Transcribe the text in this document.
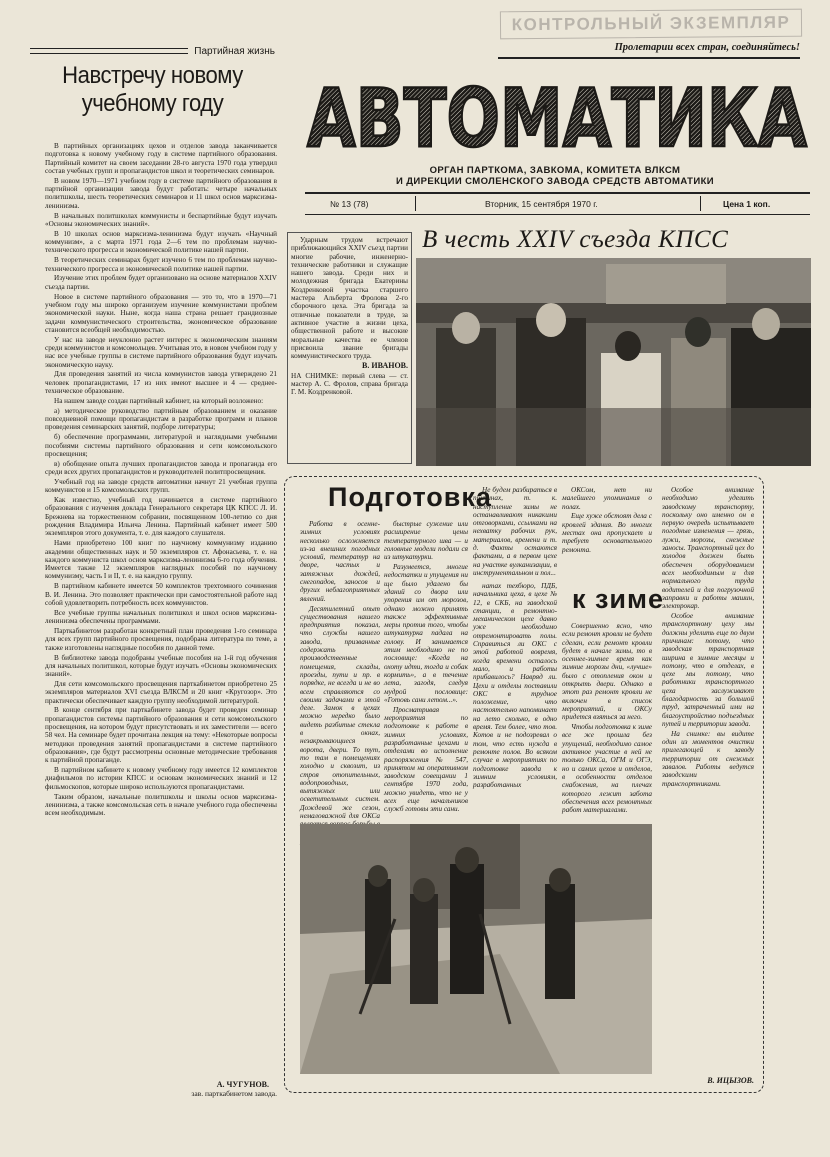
КОНТРОЛЬНЫЙ ЭКЗЕМПЛЯР
Партийная жизнь
Навстречу новому
учебному году

В партийных организациях цехов и отделов завода заканчивается подготовка к новому учебному году в системе партийного образования. Партийный комитет на своем заседании 28-го августа 1970 года утвердил состав учебных групп и пропагандистов школ и теоретических семинаров.

В новом 1970—1971 учебном году в системе партийного образования в партийной организации завода будут работать: четыре начальных политшколы, шесть теоретических семинаров и 11 школ основ марксизма-ленинизма.

В начальных политшколах коммунисты и беспартийные будут изучать «Основы экономических знаний».

В 10 школах основ марксизма-ленинизма будут изучать «Научный коммунизм», а с марта 1971 года 2—6 тем по проблемам научно-технического прогресса и экономической политике нашей партии.

В теоретических семинарах будет изучено 6 тем по проблемам научно-технического прогресса и экономической политике нашей партии.

Изучение этих проблем будет организовано на основе материалов XXIV съезда партии.

Новое в системе партийного образования — это то, что в 1970—71 учебном году мы широко организуем изучение коммунистами проблем экономической науки. Ныне, когда наша страна решает грандиозные задачи коммунистического строительства, экономическое образование становится всеобщей необходимостью.

У нас на заводе неуклонно растет интерес к экономическим знаниям среди коммунистов и комсомольцев. Учитывая это, в новом учебном году у нас все учебные группы в системе партийного образования будут изучать экономическую науку.

Для проведения занятий из числа коммунистов завода утверждено 21 человек пропагандистами, 17 из них имеют высшее и 4 — среднее-техническое образование.

На нашем заводе создан партийный кабинет, на который возложено:

а) методическое руководство партийным образованием и оказание повседневной помощи пропагандистам в разработке программ и планов проведения семинарских занятий, подборе литературы;

б) обеспечение программами, литературой и наглядными учебными пособиями системы партийного образования и сети комсомольского просвещения;

в) обобщение опыта лучших пропагандистов завода и пропаганда его среди всех других пропагандистов и руководителей политпросвещения.

Учебный год на заводе средств автоматики начнут 21 учебная группа коммунистов и 15 комсомольских групп.

Как известно, учебный год начинается в системе партийного образования с изучения доклада Генерального секретаря ЦК КПСС Л. И. Брежнева на торжественном собрании, посвященном 100-летию со дня рождения Владимира Ильича Ленина. Партийный кабинет имеет 500 экземпляров этого документа, т. е. для каждого слушателя.

Нами приобретено 100 книг по научному коммунизму изданию академии общественных наук и 50 экземпляров ст. Афонасьева, т. е. на каждого коммуниста школ основ марксизма-ленинизма 6-го года обучения. Имеется также 12 экземпляров наглядных пособий по научному коммунизму, часть I и II, т. е. на каждую группу.

В партийном кабинете имеется 50 комплектов трехтомного сочинения В. И. Ленина. Это позволяет практически при самостоятельной работе над собой удовлетворить потребность всех коммунистов.

Все учебные группы начальных политшкол и школ основ марксизма-ленинизма обеспечены программами.

Парткабинетом разработан конкретный план проведения 1-го семинара для всех групп партийного просвещения, подобрана литература по теме, а также изготовлены наглядные пособия по данной теме.

В библиотеке завода подобраны учебные пособия на 1-й год обучения для начальных политшкол, которые будут изучать «Основы экономических знаний».

Для сети комсомольского просвещения парткабинетом приобретено 25 экземпляров материалов XVI съезда ВЛКСМ и 20 книг «Кругозор». Это практически обеспечивает каждую группу необходимой литературой.

В конце сентября при парткабинете завода будет проведен семинар пропагандистов системы партийного образования и сети комсомольского просвещения, на котором будут присутствовать и их заместители — всего 58 чел. На семинаре будет прочитана лекция на тему: «Некоторые вопросы методики проведения занятий пропагандистами в системе партийного образования», где будут рассмотрены основные методические требования к партийной пропаганде.

В партийном кабинете к новому учебному году имеется 12 комплектов диафильмов по истории КПСС и основам экономических знаний и 12 фильмоскопов, которые широко используются пропагандистами.

Таким образом, начальные политшколы и школы основ марксизма-ленинизма, а также комсомольская сеть в начале учебного года обеспечены всем необходимым.

А. ЧУГУНОВ.
зав. парткабинетом завода.
Пролетарии всех стран, соединяйтесь!
АВТОМАТИКА
ОРГАН ПАРТКОМА, ЗАВКОМА, КОМИТЕТА ВЛКСМ
И ДИРЕКЦИИ СМОЛЕНСКОГО ЗАВОДА СРЕДСТВ АВТОМАТИКИ
№ 13 (78)	Вторник, 15 сентября 1970 г.	Цена 1 коп.

Ударным трудом встречают приближающийся XXIV съезд партии многие рабочие, инженерно-технические работники и служащие нашего завода. Среди них и молодежная бригада Екатерины Коздренковой участка старшего мастера Альберта Фролова 2-го сборочного цеха. Эта бригада за отличные показатели в труде, за активное участие в жизни цеха, общественной работе и высокие моральные качества ее членов присвоила звание бригады коммунистического труда.

В. ИВАНОВ.

НА СНИМКЕ: первый слева — ст. мастер А. С. Фролов, справа бригада Г. М. Коздренковой.

В честь XXIV съезда КПСС
Подготовка
к зиме

Работа в осенне-зимних условиях несколько осложняется из-за внешних погодных условий, температур на дворе, частых и затяжных дождей, снегопадов, заносов и других неблагоприятных явлений.

Десятилетний опыт существования нашего предприятия показал, что службы нашего завода, призванные содержать производственные помещения, склады, проезды, пути и пр. в порядке, не всегда и не во всем справляются со своими задачами в этой деле. Замок в цехах можно нередко было видеть разбитые стекла в окнах, незакрывающиеся ворота, двери. То тут, то там в помещениях холодно и сквозит, из строя отопительных, водопроводных, вытяжных или осветительных систем. Дождевой же сезон, немаловажной для ОКСа

быстрые сужение или расширение цены температурного шва — и головные модели подали ся из штукатурки.

Разумеется, многие недостатки и упущения ни ще было удалено бы зданий со двора или упорения им от морозов, однако можно принять также эффективные меры против того, чтобы штукатурка падала на голову. И занимается этим необходимо не по пословице: «Когда на охоту идти, тогда и собак кормить», а в течение лета, загодя, следуя мудрой пословице: «Готовь сани летом...».

Просматривая мероприятия по подготовке к работе в зимних условиях, разработанные цехами и отделами во исполнение распоряжения № 547, принятом на оперативном заводском совещании 1 сентября 1970 года, можно увидеть, что не у всех еще начальников служб готовы эти сани.

Не будем разбираться в причинах, т. к. наступление зимы не останавливают никакими отговорками, ссылками на нехватку рабочих рук, материалов, времени и т. д. Факты остаются фактами, а в первом цехе на участке вулканизации, в инструментальном и пол...

натах техбюро, ПДБ, начальника цеха, в цехе № 12, в СКБ, на заводской станции, в ремонтно-механическом цехе давно уже необходимо отремонтировать полы. Справиться ли ОКС с этой работой вовремя, когда времени осталось мало, и работы прибавилось? Навряд ли. Цехи и отделы поставили ОКС в трудное положение, что настоятельно напоминает на лето сколько, в одно время. Тем более, что тов. Котов и не подозревал о том, что есть нужда в ремонте полов. Во всяком случае в мероприятиях по подготовке завода к зимним условиям, разработанных

ОКСом, нет ни малейшего упоминания о полах.

Еще хуже обстоят дела с кровлей здания. Во многих местах она пропускает и требует основательного ремонта.

Совершенно ясно, что если ремонт кровли не будет сделан, если ремонт кровли будет в начале зимы, то в осеннее-зимнее время как зимние морозы дни, «лучше» было с отопления окон и открыть двери. Однако в этот раз ремонт кровли не включен в список мероприятий, и ОКСу придется взяться за него.

Чтобы подготовка к зиме все же прошла без упущений, необходимо самое активное участие в ней не только ОКСа, ОГМ и ОГЭ, но и самих цехов и отделов, в особенности отделов снабжения, на плечах которого лежит забота обеспечения всех ремонтных работ материалами.

Особое внимание необходимо уделить заводскому транспорту, поскольку оно именно он в первую очередь испытывает погодные изменения — грязь, лужи, морозы, снежные заносы. Транспортный цех до холодов должен быть обеспечен оборудованием всех необходимым и для нормального труда водителей и для погрузочной заправки и работы машин, электрокар.

Особое внимание транспортному цеху мы должны уделить еще по двум причинам: потому, что заводская транспортная ширина в зимние месяцы и потому, что в отделах, в цехе мы потому, что работники транспортного цеха заслуживают благодарность за большой труд, затраченный ими на благоустройство подъездных путей и территории завода.

На снимке: вы видите один из моментов очистки прилегающей к заводу территории от снежных завалов. Работы ведутся заводскими транспортниками.

В. ИЦЫЗОВ.
